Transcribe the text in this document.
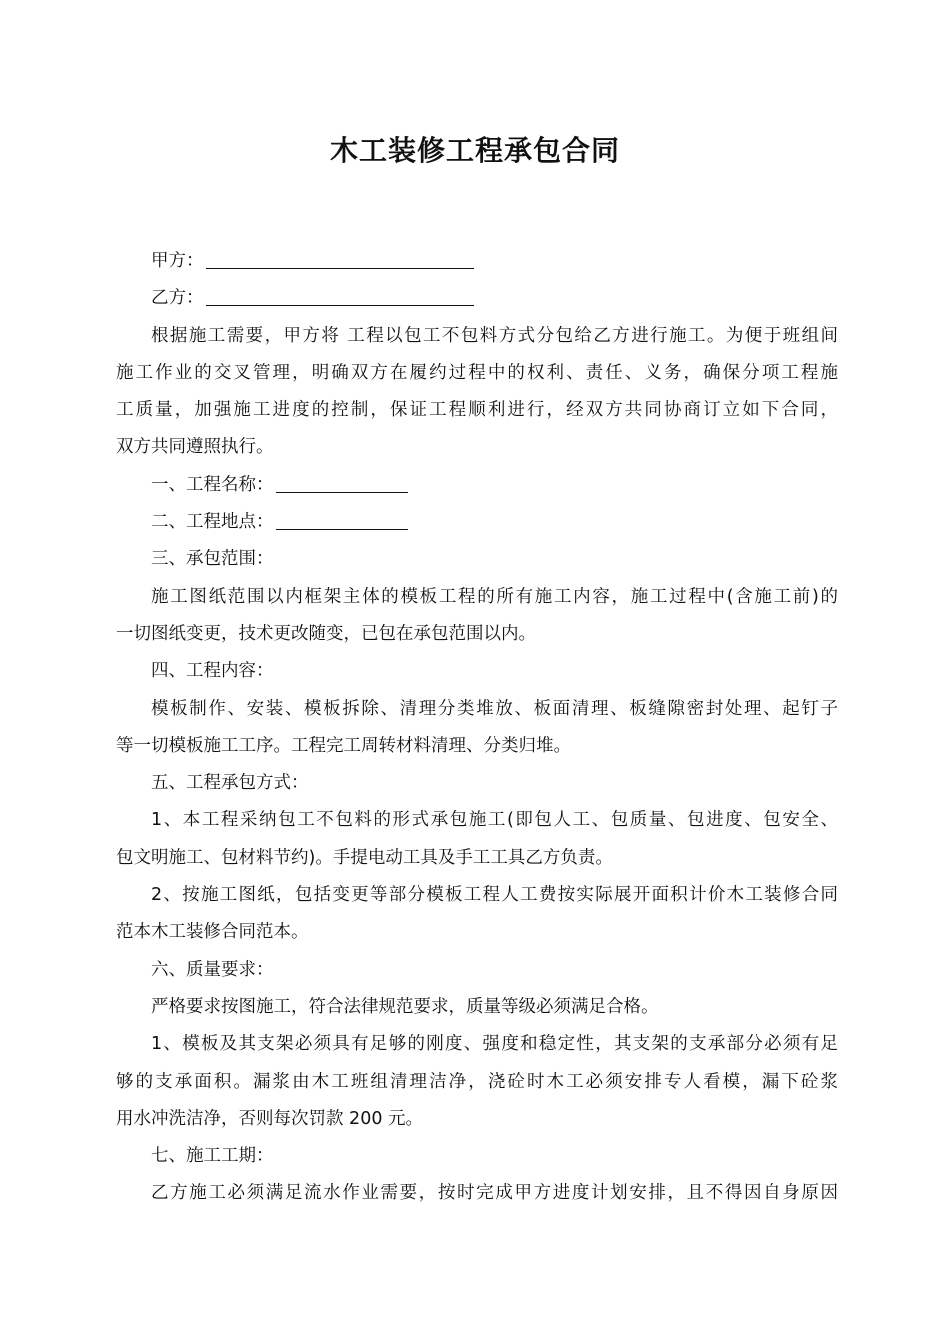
木工装修工程承包合同

甲方：

乙方：

根据施工需要，甲方将 工程以包工不包料方式分包给乙方进行施工。为便于班组间

施工作业的交叉管理，明确双方在履约过程中的权利、责任、义务，确保分项工程施

工质量，加强施工进度的控制，保证工程顺利进行，经双方共同协商订立如下合同，

双方共同遵照执行。

一、工程名称：

二、工程地点：

三、承包范围：

施工图纸范围以内框架主体的模板工程的所有施工内容，施工过程中(含施工前)的

一切图纸变更，技术更改随变，已包在承包范围以内。

四、工程内容：

模板制作、安装、模板拆除、清理分类堆放、板面清理、板缝隙密封处理、起钉子

等一切模板施工工序。工程完工周转材料清理、分类归堆。

五、工程承包方式：

1、本工程采纳包工不包料的形式承包施工(即包人工、包质量、包进度、包安全、

包文明施工、包材料节约)。手提电动工具及手工工具乙方负责。

2、按施工图纸，包括变更等部分模板工程人工费按实际展开面积计价木工装修合同

范本木工装修合同范本。

六、质量要求：

严格要求按图施工，符合法律规范要求，质量等级必须满足合格。

1、模板及其支架必须具有足够的刚度、强度和稳定性，其支架的支承部分必须有足

够的支承面积。漏浆由木工班组清理洁净，浇砼时木工必须安排专人看模，漏下砼浆

用水冲洗洁净，否则每次罚款 200 元。

七、施工工期：

乙方施工必须满足流水作业需要，按时完成甲方进度计划安排，且不得因自身原因
